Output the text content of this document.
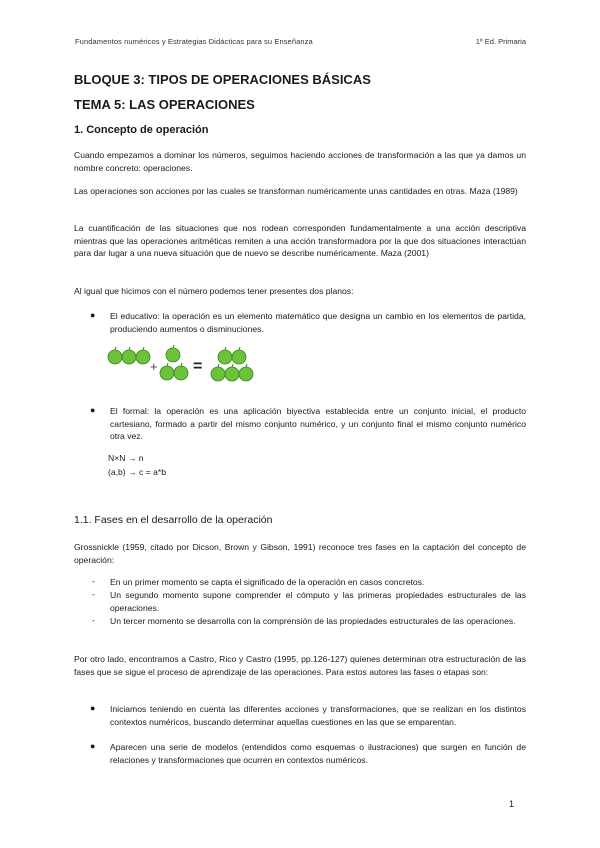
Fundamentos numéricos y Estrategias Didácticas para su Enseñanza	1º Ed. Primaria
BLOQUE 3: TIPOS DE OPERACIONES BÁSICAS
TEMA 5: LAS OPERACIONES
1. Concepto de operación

Cuando empezamos a dominar los números, seguimos haciendo acciones de transformación a las que ya damos un nombre concreto: operaciones.

Las operaciones son acciones por las cuales se transforman numéricamente unas cantidades en otras. Maza (1989)

La cuantificación de las situaciones que nos rodean corresponden fundamentalmente a una acción descriptiva mientras que las operaciones aritméticas remiten a una acción transformadora por la que dos situaciones interactúan para dar lugar a una nueva situación que de nuevo se describe numéricamente. Maza (2001)

Al igual que hicimos con el número podemos tener presentes dos planos:

● El educativo: la operación es un elemento matemático que designa un cambio en los elementos de partida, produciendo aumentos o disminuciones.

+ =
● El formal: la operación es una aplicación biyectiva establecida entre un conjunto inicial, el producto cartesiano, formado a partir del mismo conjunto numérico, y un conjunto final el mismo conjunto numérico otra vez.

N×N → n
(a,b) → c = a*b
1.1. Fases en el desarrollo de la operación

Grossnickle (1959, citado por Dicson, Brown y Gibson, 1991) reconoce tres fases en la captación del concepto de operación:

- En un primer momento se capta el significado de la operación en casos concretos.

- Un segundo momento supone comprender el cómputo y las primeras propiedades estructurales de las operaciones.

- Un tercer momento se desarrolla con la comprensión de las propiedades estructurales de las operaciones.

Por otro lado, encontramos a Castro, Rico y Castro (1995, pp.126-127) quienes determinan otra estructuración de las fases que se sigue el proceso de aprendizaje de las operaciones. Para estos autores las fases o etapas son:

● Iniciamos teniendo en cuenta las diferentes acciones y transformaciones, que se realizan en los distintos contextos numéricos, buscando determinar aquellas cuestiones en las que se emparentan.

● Aparecen una serie de modelos (entendidos como esquemas o ilustraciones) que surgen en función de relaciones y transformaciones que ocurren en contextos numéricos.

1
